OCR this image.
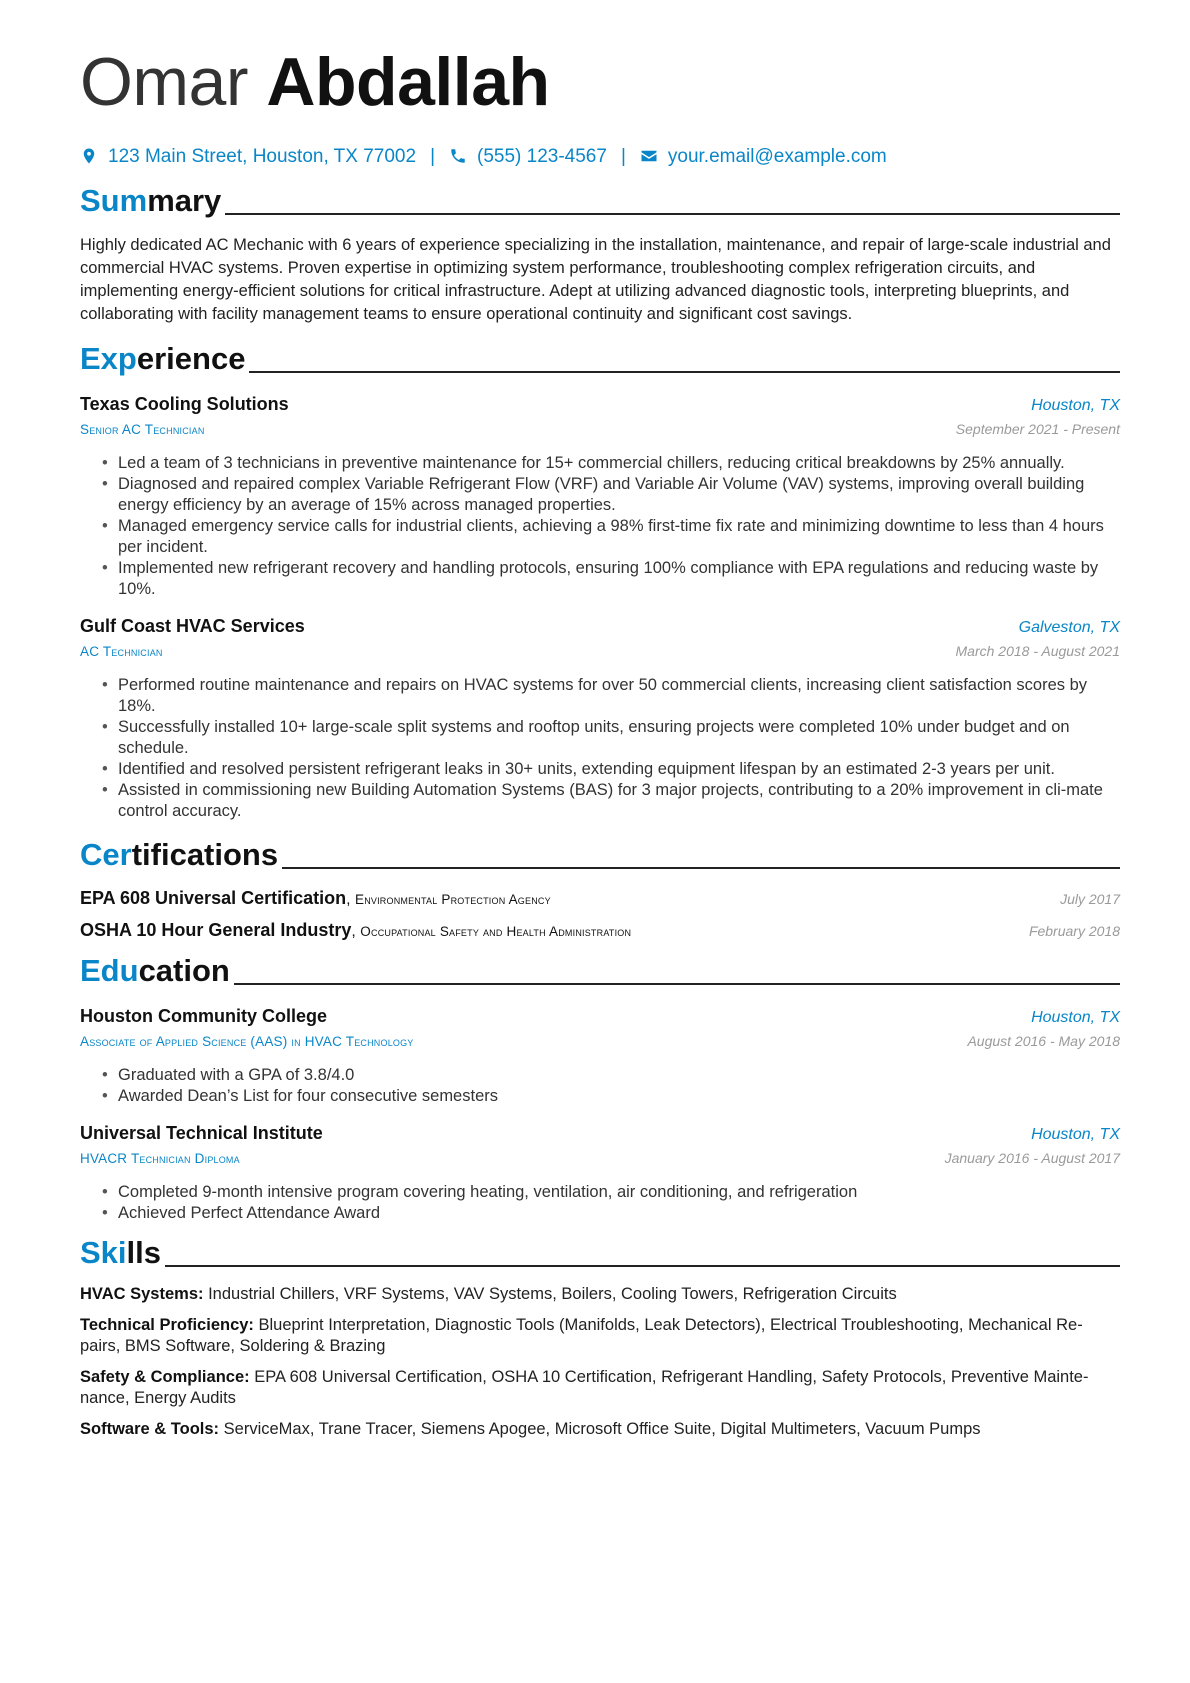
Omar Abdallah
123 Main Street, Houston, TX 77002 | (555) 123-4567 | your.email@example.com
Summary
Highly dedicated AC Mechanic with 6 years of experience specializing in the installation, maintenance, and repair of large-scale industrial and commercial HVAC systems. Proven expertise in optimizing system performance, troubleshooting complex refrigeration circuits, and implementing energy-efficient solutions for critical infrastructure. Adept at utilizing advanced diagnostic tools, interpreting blueprints, and collaborating with facility management teams to ensure operational continuity and significant cost savings.
Experience
Texas Cooling Solutions	Houston, TX
Senior AC Technician	September 2021 - Present
• Led a team of 3 technicians in preventive maintenance for 15+ commercial chillers, reducing critical breakdowns by 25% annually.
• Diagnosed and repaired complex Variable Refrigerant Flow (VRF) and Variable Air Volume (VAV) systems, improving overall building energy efficiency by an average of 15% across managed properties.
• Managed emergency service calls for industrial clients, achieving a 98% first-time fix rate and minimizing downtime to less than 4 hours per incident.
• Implemented new refrigerant recovery and handling protocols, ensuring 100% compliance with EPA regulations and reducing waste by 10%.
Gulf Coast HVAC Services	Galveston, TX
AC Technician	March 2018 - August 2021
• Performed routine maintenance and repairs on HVAC systems for over 50 commercial clients, increasing client satisfaction scores by 18%.
• Successfully installed 10+ large-scale split systems and rooftop units, ensuring projects were completed 10% under budget and on schedule.
• Identified and resolved persistent refrigerant leaks in 30+ units, extending equipment lifespan by an estimated 2-3 years per unit.
• Assisted in commissioning new Building Automation Systems (BAS) for 3 major projects, contributing to a 20% improvement in cli-mate control accuracy.
Certifications
EPA 608 Universal Certification, Environmental Protection Agency	July 2017
OSHA 10 Hour General Industry, Occupational Safety and Health Administration	February 2018
Education
Houston Community College	Houston, TX
Associate of Applied Science (AAS) in HVAC Technology	August 2016 - May 2018
• Graduated with a GPA of 3.8/4.0
• Awarded Dean’s List for four consecutive semesters
Universal Technical Institute	Houston, TX
HVACR Technician Diploma	January 2016 - August 2017
• Completed 9-month intensive program covering heating, ventilation, air conditioning, and refrigeration
• Achieved Perfect Attendance Award
Skills
HVAC Systems: Industrial Chillers, VRF Systems, VAV Systems, Boilers, Cooling Towers, Refrigeration Circuits
Technical Proficiency: Blueprint Interpretation, Diagnostic Tools (Manifolds, Leak Detectors), Electrical Troubleshooting, Mechanical Re-pairs, BMS Software, Soldering & Brazing
Safety & Compliance: EPA 608 Universal Certification, OSHA 10 Certification, Refrigerant Handling, Safety Protocols, Preventive Mainte-nance, Energy Audits
Software & Tools: ServiceMax, Trane Tracer, Siemens Apogee, Microsoft Office Suite, Digital Multimeters, Vacuum Pumps
